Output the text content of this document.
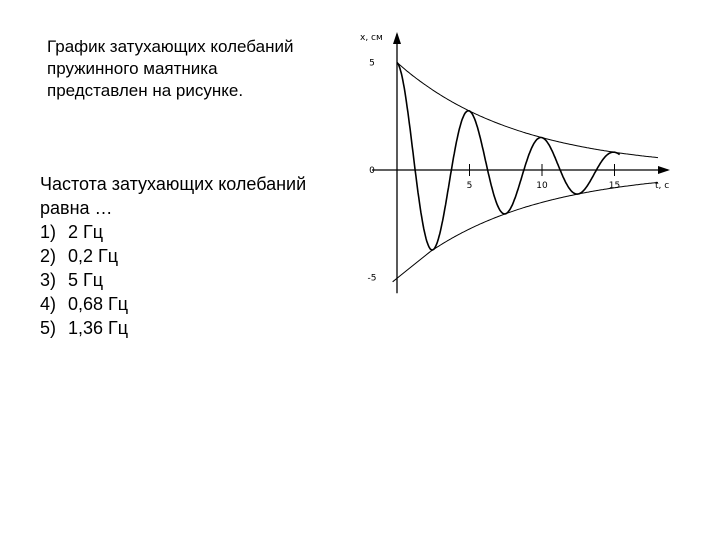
График затухающих колебаний
пружинного маятника
представлен на рисунке.
Частота затухающих колебаний
равна …
1) 2 Гц
2) 0,2 Гц
3) 5 Гц
4) 0,68 Гц
5) 1,36 Гц
5	10	15
5
0
-5
x, см
t, c
